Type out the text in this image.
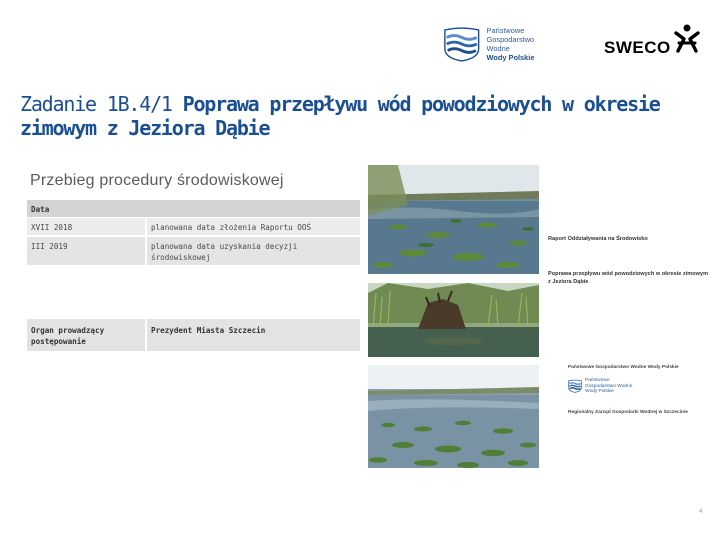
Państwowe
Gospodarstwo Wodne
Wody Polskie
SWECO
Zadanie 1B.4/1 Poprawa przepływu wód powodziowych w okresie zimowym z Jeziora Dąbie
Przebieg procedury środowiskowej
Data
XVII 2018	planowana data złożenia Raportu OOŚ
III 2019	planowana data uzyskania decyzji środowiskowej
Organ prowadzący postępowanie
Prezydent Miasta Szczecin
Raport Oddziaływania na Środowisko
Poprawa przepływu wód powodziowych w okresie zimowym z Jeziora Dąbie
Państwowe Gospodarstwo Wodne Wody Polskie
Państwowe
Gospodarstwo Wodne
Wody Polskie
Regionalny Zarząd Gospodarki Wodnej w Szczecinie
4
